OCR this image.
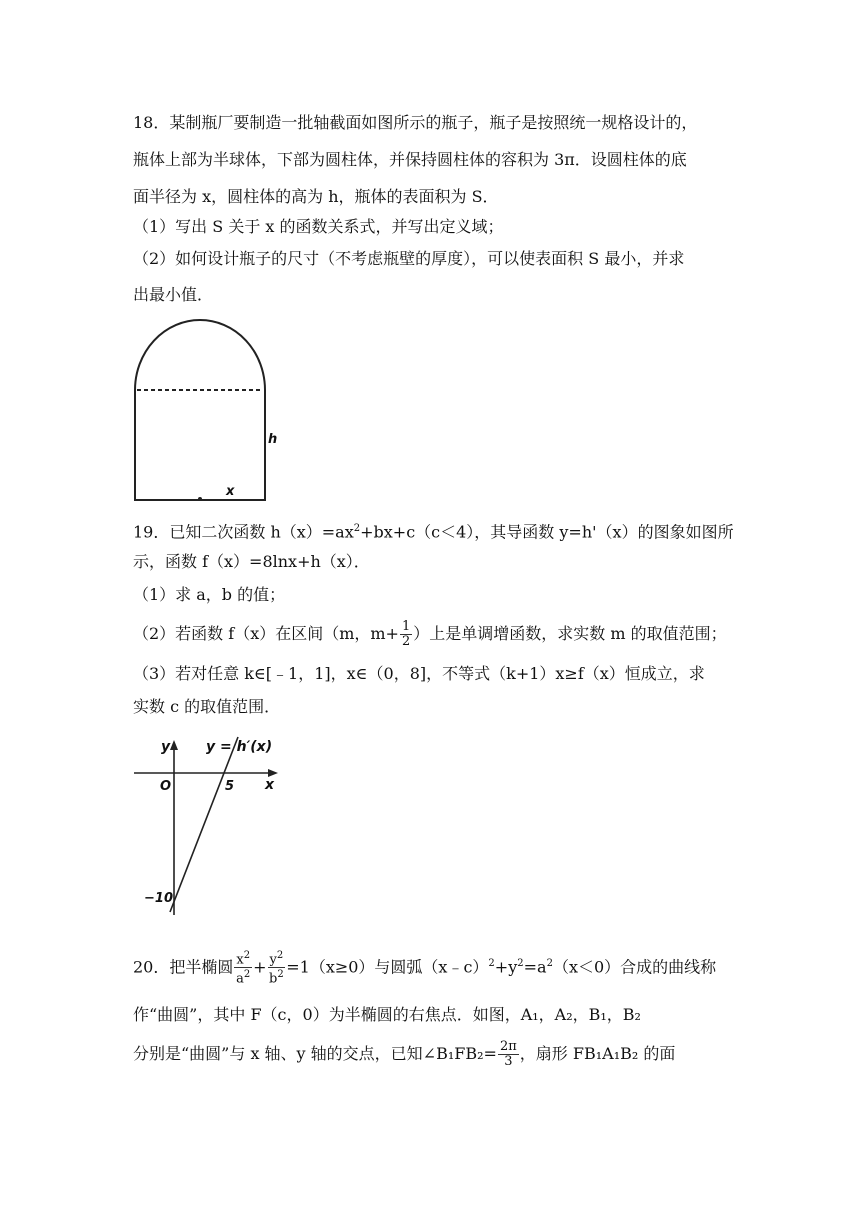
18．某制瓶厂要制造一批轴截面如图所示的瓶子，瓶子是按照统一规格设计的，
瓶体上部为半球体，下部为圆柱体，并保持圆柱体的容积为 3π．设圆柱体的底
面半径为 x，圆柱体的高为 h，瓶体的表面积为 S．
（1）写出 S 关于 x 的函数关系式，并写出定义域；
（2）如何设计瓶子的尺寸（不考虑瓶壁的厚度），可以使表面积 S 最小，并求
出最小值．
h
x
19．已知二次函数 $h(x)=ax^2+bx+c(c<4)$，其导函数 y=h'（x）的图象如图所
示，函数 f（x）=8lnx+h（x）．
（1）求 a，b 的值；
（2）若函数 f（x）在区间（m，$m+ \frac{1}{2}$ ）上是单调增函数，求实数 m 的取值范围；
（3）若对任意 k∈[﹣1，1]，x∈（0，8]，不等式（k+1）x≥f（x）恒成立，求
实数 c 的取值范围．
y	y = h′(x)
O	5 x
−10
20．把半椭圆 $\frac{x^2}{a^2} + \frac{y^2}{b^2} =1(x\ge 0)$与圆弧$(x﹣c)^2+y^2=a^2(x<0)$合成的曲线称
作“曲圆”，其中 F（c，0）为半椭圆的右焦点．如图，A₁，A₂，B₁，B₂
分别是“曲圆”与 x 轴、y 轴的交点，已知∠B₁FB₂= $\frac{2\pi}{3}$ ，扇形 FB₁A₁B₂ 的面
